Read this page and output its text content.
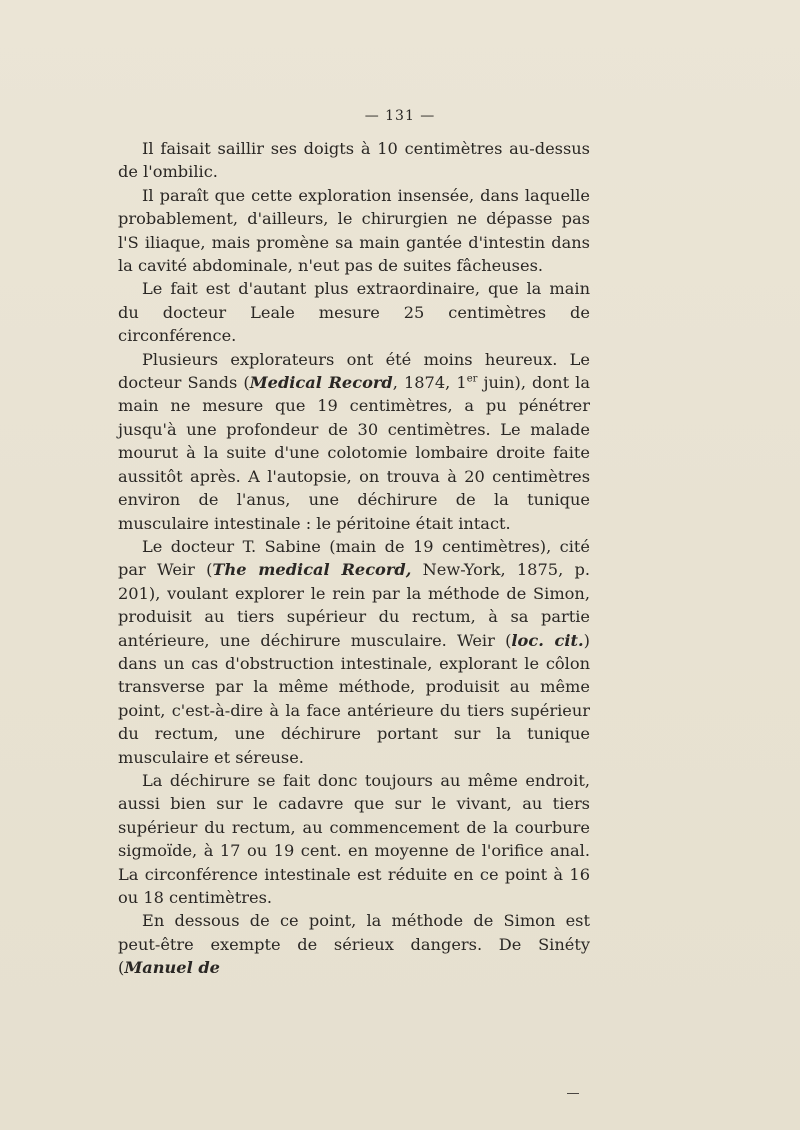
— 131 —

Il faisait saillir ses doigts à 10 centimètres au-dessus de l'ombilic.

Il paraît que cette exploration insensée, dans laquelle probablement, d'ailleurs, le chirurgien ne dépasse pas l'S iliaque, mais promène sa main gantée d'intestin dans la cavité abdominale, n'eut pas de suites fâcheuses.

Le fait est d'autant plus extraordinaire, que la main du docteur Leale mesure 25 centimètres de circonférence.

Plusieurs explorateurs ont été moins heureux. Le docteur Sands (Medical Record, 1874, 1er juin), dont la main ne mesure que 19 centimètres, a pu pénétrer jusqu'à une profondeur de 30 centimètres. Le malade mourut à la suite d'une colotomie lombaire droite faite aussitôt après. A l'autopsie, on trouva à 20 centimètres environ de l'anus, une déchirure de la tunique musculaire intestinale : le péritoine était intact.

Le docteur T. Sabine (main de 19 centimètres), cité par Weir (The medical Record, New-York, 1875, p. 201), voulant explorer le rein par la méthode de Simon, produisit au tiers supérieur du rectum, à sa partie antérieure, une déchirure musculaire. Weir (loc. cit.) dans un cas d'obstruction intestinale, explorant le côlon transverse par la même méthode, produisit au même point, c'est-à-dire à la face antérieure du tiers supérieur du rectum, une déchirure portant sur la tunique musculaire et séreuse.

La déchirure se fait donc toujours au même endroit, aussi bien sur le cadavre que sur le vivant, au tiers supérieur du rectum, au commencement de la courbure sigmoïde, à 17 ou 19 cent. en moyenne de l'orifice anal. La circonférence intestinale est réduite en ce point à 16 ou 18 centimètres.

En dessous de ce point, la méthode de Simon est peut-être exempte de sérieux dangers. De Sinéty (Manuel de
